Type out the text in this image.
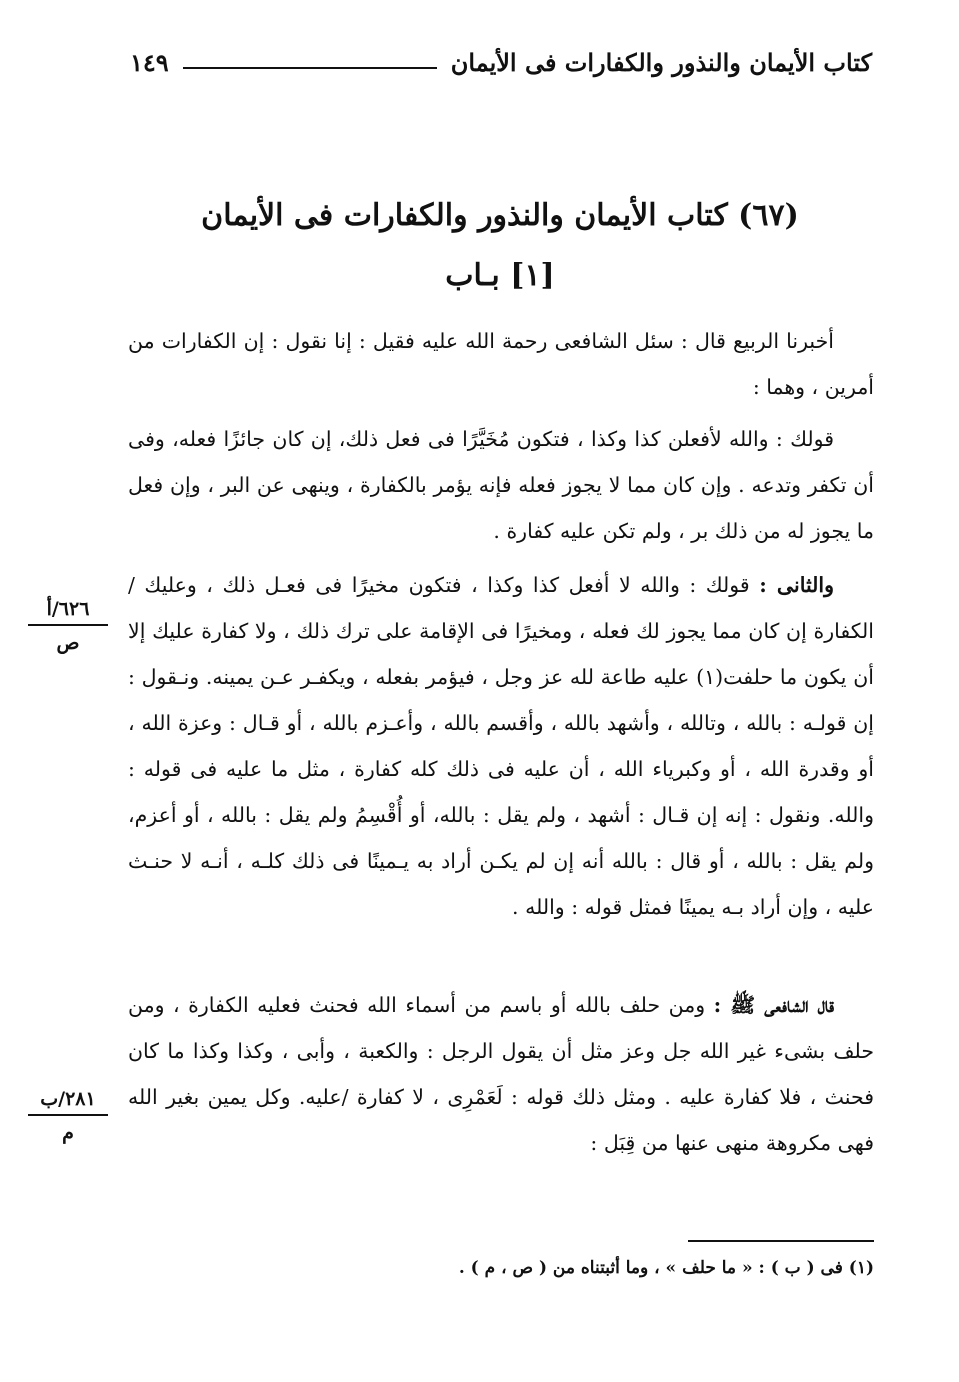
كتاب الأيمان والنذور والكفارات فى الأيمان
١٤٩
(٦٧) كتاب الأيمان والنذور والكفارات فى الأيمان
[١] بـاب

أخبرنا الربيع قال : سئل الشافعى رحمة الله عليه فقيل : إنا نقول : إن الكفارات من أمرين ، وهما :

قولك : والله لأفعلن كذا وكذا ، فتكون مُخَيَّرًا فى فعل ذلك، إن كان جائزًا فعله، وفى أن تكفر وتدعه . وإن كان مما لا يجوز فعله فإنه يؤمر بالكفارة ، وينهى عن البر ، وإن فعل ما يجوز له من ذلك بر ، ولم تكن عليه كفارة .

والثانى : قولك : والله لا أفعل كذا وكذا ، فتكون مخيرًا فى فعـل ذلك ، وعليك / الكفارة إن كان مما يجوز لك فعله ، ومخيرًا فى الإقامة على ترك ذلك ، ولا كفارة عليك إلا أن يكون ما حلفت(١) عليه طاعة لله عز وجل ، فيؤمر بفعله ، ويكفـر عـن يمينه. ونـقول : إن قولـه : بالله ، وتالله ، وأشهد بالله ، وأقسم بالله ، وأعـزم بالله ، أو قـال : وعزة الله ، أو وقدرة الله ، أو وكبرياء الله ، أن عليه فى ذلك كله كفارة ، مثل ما عليه فى قوله : والله. ونقول : إنه إن قـال : أشهد ، ولم يقل : بالله، أو أُقْسِمُ ولم يقل : بالله ، أو أعزم، ولم يقل : بالله ، أو قال : بالله أنه إن لم يكـن أراد به يـمينًا فى ذلك كلـه ، أنـه لا حنـث عليه ، وإن أراد بـه يمينًا فمثل قوله : والله .

قال الشافعى ﷺ : ومن حلف بالله أو باسم من أسماء الله فحنث فعليه الكفارة ، ومن حلف بشىء غير الله جل وعز مثل أن يقول الرجل : والكعبة ، وأبى ، وكذا وكذا ما كان فحنث ، فلا كفارة عليه . ومثل ذلك قوله : لَعَمْرِى ، لا كفارة /عليه. وكل يمين بغير الله فهى مكروهة منهى عنها من قِبَل :

٦٢٦/أ
ص
٢٨١/ب
م
(١) فى ( ب ) : « ما حلف » ، وما أثبتناه من ( ص ، م ) .
